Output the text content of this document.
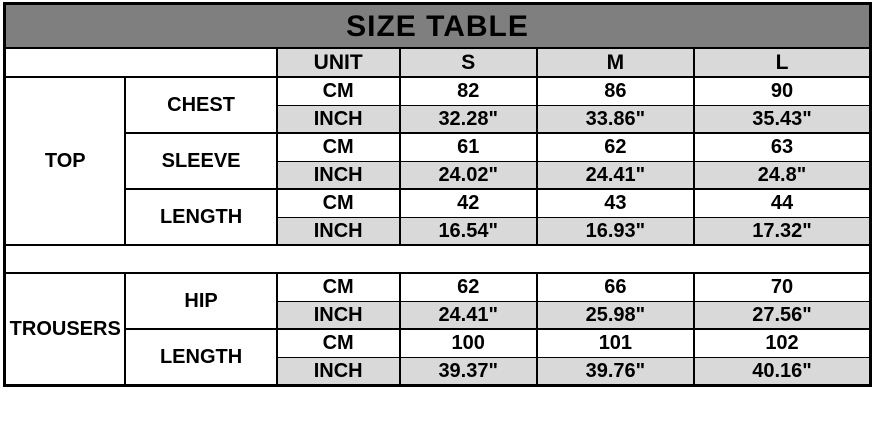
SIZE TABLE					
		UNIT	S	M	L
TOP	CHEST	CM	82	86	90
		INCH	32.28"	33.86"	35.43"
	SLEEVE	CM	61	62	63
		INCH	24.02"	24.41"	24.8"
	LENGTH	CM	42	43	44
		INCH	16.54"	16.93"	17.32"

TROUSERS	HIP	CM	62	66	70
		INCH	24.41"	25.98"	27.56"
	LENGTH	CM	100	101	102
		INCH	39.37"	39.76"	40.16"
